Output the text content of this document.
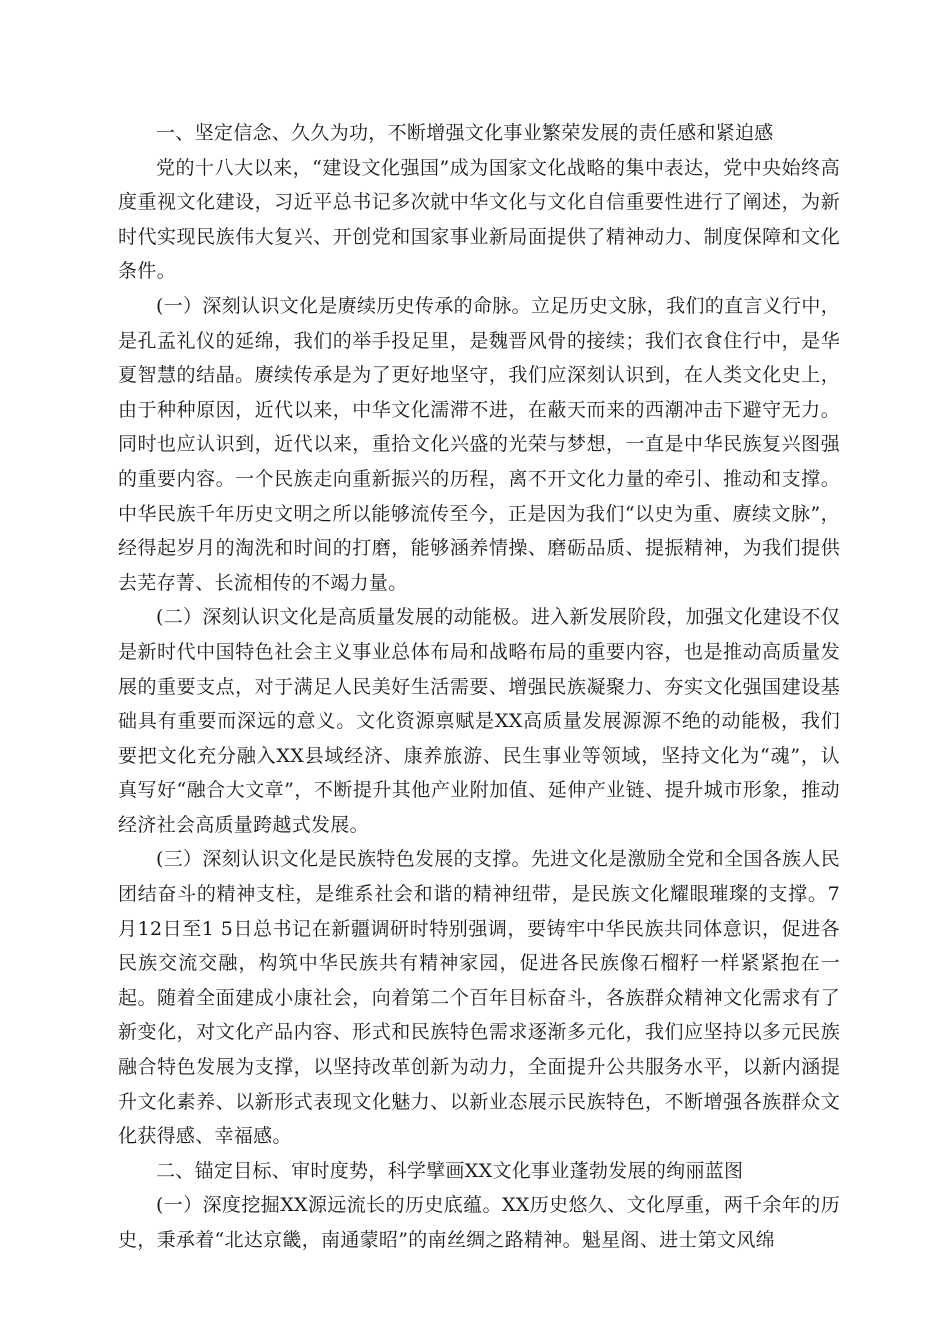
一、坚定信念、久久为功，不断增强文化事业繁荣发展的责任感和紧迫感

党的十八大以来，“建设文化强国”成为国家文化战略的集中表达，党中央始终高度重视文化建设，习近平总书记多次就中华文化与文化自信重要性进行了阐述，为新时代实现民族伟大复兴、开创党和国家事业新局面提供了精神动力、制度保障和文化条件。

(一）深刻认识文化是赓续历史传承的命脉。立足历史文脉，我们的直言义行中，是孔孟礼仪的延绵，我们的举手投足里，是魏晋风骨的接续；我们衣食住行中，是华夏智慧的结晶。赓续传承是为了更好地坚守，我们应深刻认识到，在人类文化史上，由于种种原因，近代以来，中华文化濡滞不进，在蔽天而来的西潮冲击下避守无力。同时也应认识到，近代以来，重拾文化兴盛的光荣与梦想，一直是中华民族复兴图强的重要内容。一个民族走向重新振兴的历程，离不开文化力量的牵引、推动和支撑。中华民族千年历史文明之所以能够流传至今，正是因为我们“以史为重、赓续文脉”，经得起岁月的淘洗和时间的打磨，能够涵养情操、磨砺品质、提振精神，为我们提供去芜存菁、长流相传的不竭力量。

(二）深刻认识文化是高质量发展的动能极。进入新发展阶段，加强文化建设不仅是新时代中国特色社会主义事业总体布局和战略布局的重要内容，也是推动高质量发展的重要支点，对于满足人民美好生活需要、增强民族凝聚力、夯实文化强国建设基础具有重要而深远的意义。文化资源禀赋是XX高质量发展源源不绝的动能极，我们要把文化充分融入XX县域经济、康养旅游、民生事业等领域，坚持文化为“魂”，认真写好“融合大文章”，不断提升其他产业附加值、延伸产业链、提升城市形象，推动经济社会高质量跨越式发展。

(三）深刻认识文化是民族特色发展的支撑。先进文化是激励全党和全国各族人民团结奋斗的精神支柱，是维系社会和谐的精神纽带，是民族文化耀眼璀璨的支撑。7月12日至1 5日总书记在新疆调研时特别强调，要铸牢中华民族共同体意识，促进各民族交流交融，构筑中华民族共有精神家园，促进各民族像石榴籽一样紧紧抱在一起。随着全面建成小康社会，向着第二个百年目标奋斗，各族群众精神文化需求有了新变化，对文化产品内容、形式和民族特色需求逐渐多元化，我们应坚持以多元民族融合特色发展为支撑，以坚持改革创新为动力，全面提升公共服务水平，以新内涵提升文化素养、以新形式表现文化魅力、以新业态展示民族特色，不断增强各族群众文化获得感、幸福感。

二、锚定目标、审时度势，科学擘画XX文化事业蓬勃发展的绚丽蓝图

(一）深度挖掘XX源远流长的历史底蕴。XX历史悠久、文化厚重，两千余年的历史，秉承着“北达京畿，南通蒙昭”的南丝绸之路精神。魁星阁、进士第文风绵
